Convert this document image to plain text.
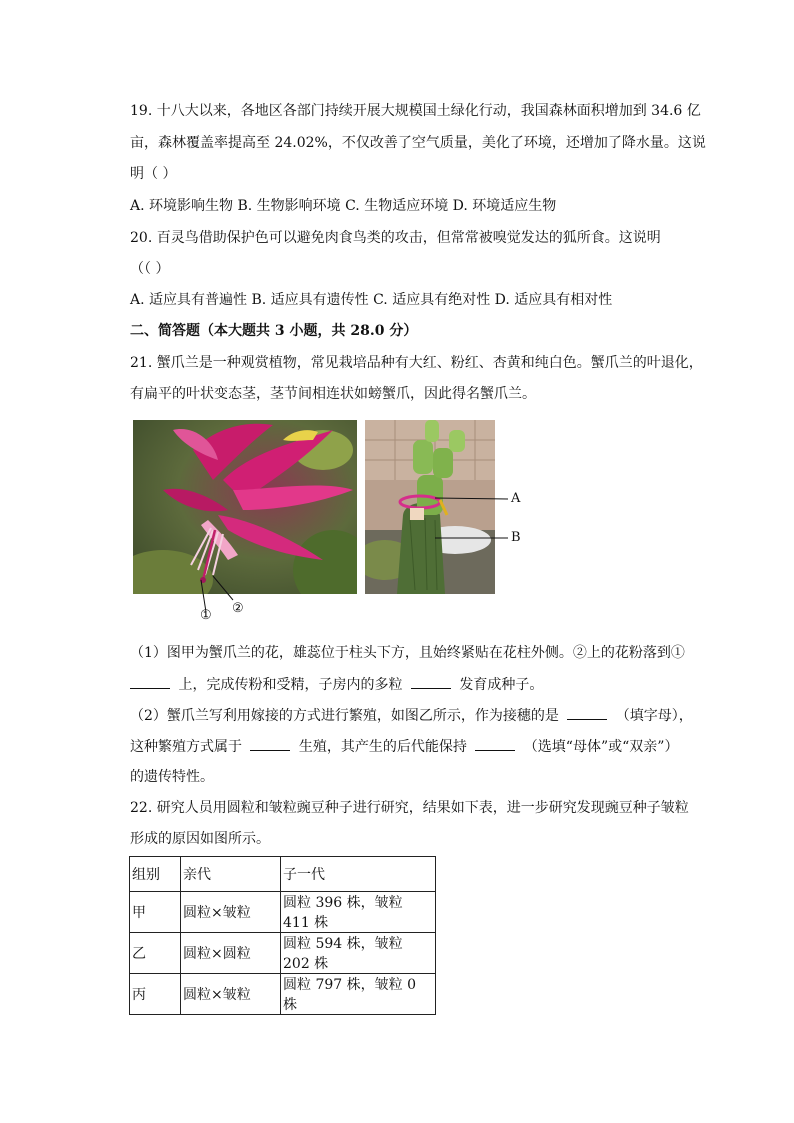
19. 十八大以来，各地区各部门持续开展大规模国土绿化行动，我国森林面积增加到 34.6 亿
亩，森林覆盖率提高至 24.02%，不仅改善了空气质量，美化了环境，还增加了降水量。这说
明（ ）
A. 环境影响生物 B. 生物影响环境 C. 生物适应环境 D. 环境适应生物
20. 百灵鸟借助保护色可以避免肉食鸟类的攻击，但常常被嗅觉发达的狐所食。这说明
（（ ）
A. 适应具有普遍性 B. 适应具有遗传性 C. 适应具有绝对性 D. 适应具有相对性
二、简答题（本大题共 3 小题，共 28.0 分）
21. 蟹爪兰是一种观赏植物，常见栽培品种有大红、粉红、杏黄和纯白色。蟹爪兰的叶退化，
有扁平的叶状变态茎，茎节间相连状如螃蟹爪，因此得名蟹爪兰。
① ②
A
B
（1）图甲为蟹爪兰的花，雄蕊位于柱头下方，且始终紧贴在花柱外侧。②上的花粉落到①
上，完成传粉和受精，子房内的多粒	发育成种子。
（2）蟹爪兰写利用嫁接的方式进行繁殖，如图乙所示，作为接穗的是	（填字母），
这种繁殖方式属于	生殖，其产生的后代能保持	（选填“母体”或“双亲”）
的遗传特性。
22. 研究人员用圆粒和皱粒豌豆种子进行研究，结果如下表，进一步研究发现豌豆种子皱粒
形成的原因如图所示。
组别	亲代	子一代
甲	圆粒×皱粒	圆粒 396 株，皱粒 411 株
乙	圆粒×圆粒	圆粒 594 株，皱粒 202 株
丙	圆粒×皱粒	圆粒 797 株，皱粒 0 株
